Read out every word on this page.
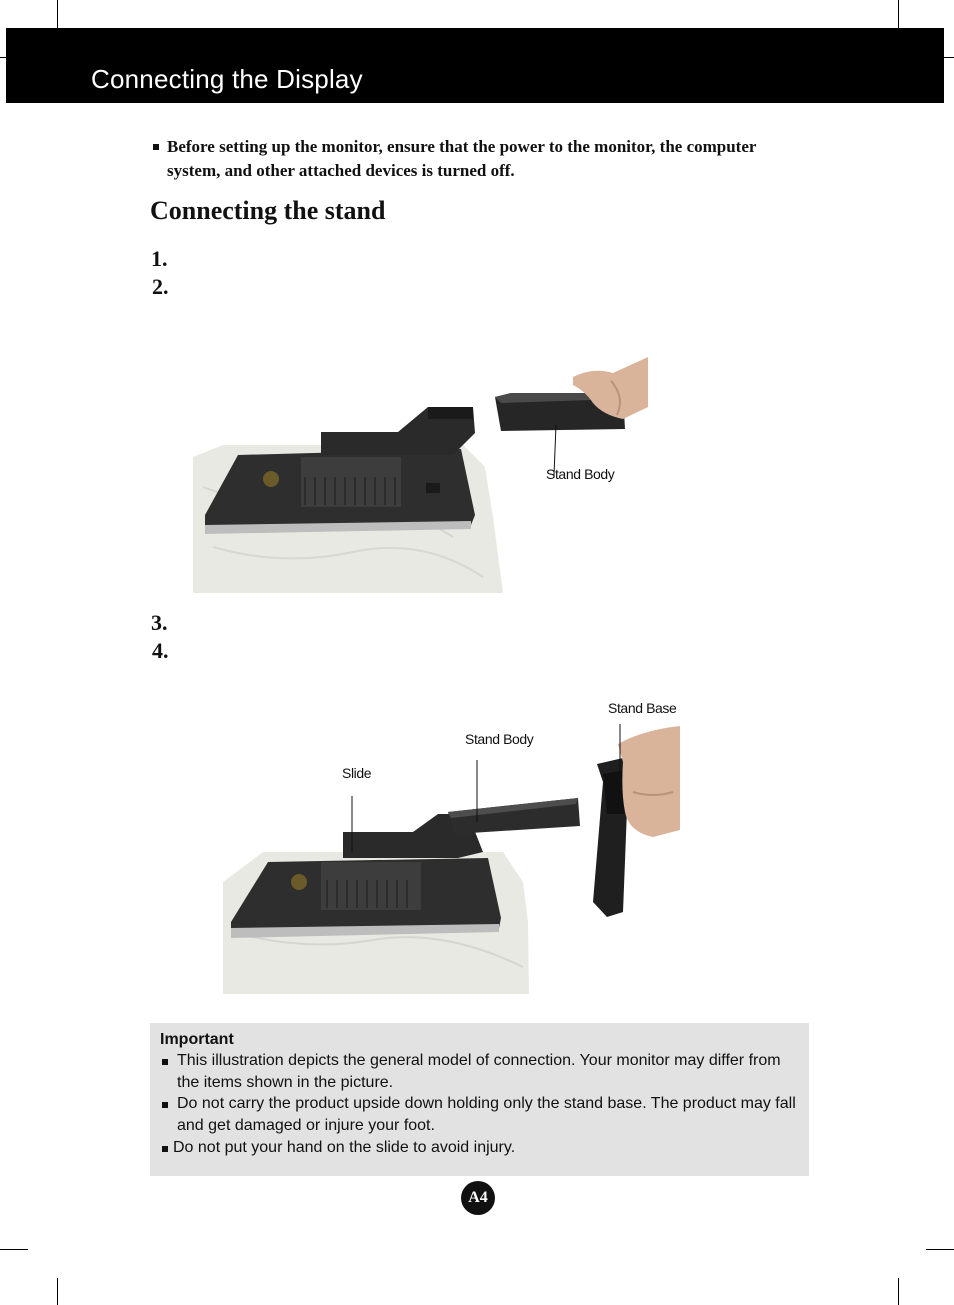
Connecting the Display
Before setting up the monitor, ensure that the power to the monitor, the computer system, and other attached devices is turned off.
Connecting the stand
1.
2.
Stand Body
3.
4.
Stand Base
Stand Body
Slide
Important
This illustration depicts the general model of connection. Your monitor may differ from the items shown in the picture.
Do not carry the product upside down holding only the stand base. The product may fall and get damaged or injure your foot.
Do not put your hand on the slide to avoid injury.
A4
